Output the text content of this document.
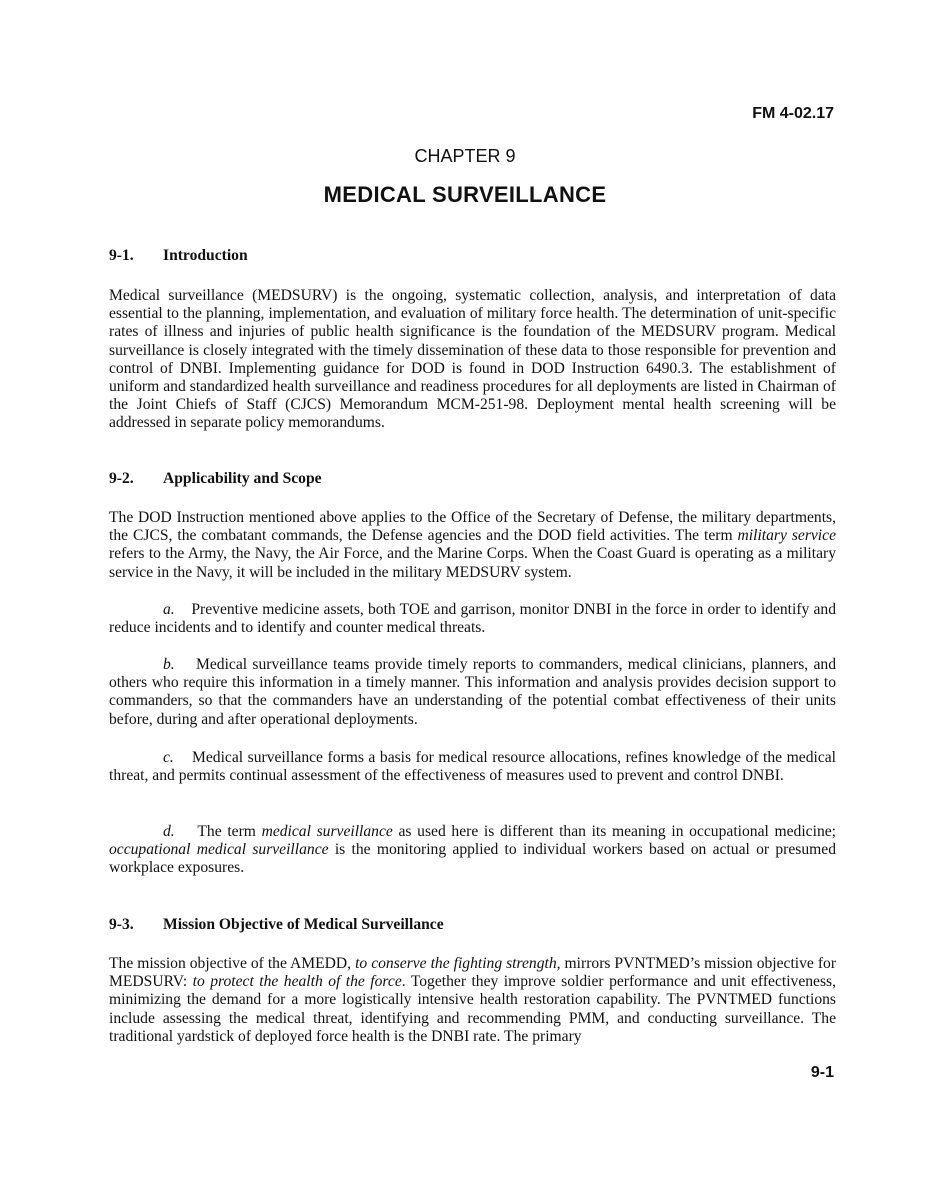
FM 4-02.17
CHAPTER 9
MEDICAL SURVEILLANCE
9-1. Introduction

Medical surveillance (MEDSURV) is the ongoing, systematic collection, analysis, and interpretation of data essential to the planning, implementation, and evaluation of military force health. The determination of unit-specific rates of illness and injuries of public health significance is the foundation of the MEDSURV program. Medical surveillance is closely integrated with the timely dissemination of these data to those responsible for prevention and control of DNBI. Implementing guidance for DOD is found in DOD Instruction 6490.3. The establishment of uniform and standardized health surveillance and readiness procedures for all deployments are listed in Chairman of the Joint Chiefs of Staff (CJCS) Memorandum MCM-251-98. Deployment mental health screening will be addressed in separate policy memorandums.

9-2. Applicability and Scope

The DOD Instruction mentioned above applies to the Office of the Secretary of Defense, the military departments, the CJCS, the combatant commands, the Defense agencies and the DOD field activities. The term military service refers to the Army, the Navy, the Air Force, and the Marine Corps. When the Coast Guard is operating as a military service in the Navy, it will be included in the military MEDSURV system.

a. Preventive medicine assets, both TOE and garrison, monitor DNBI in the force in order to identify and reduce incidents and to identify and counter medical threats.

b. Medical surveillance teams provide timely reports to commanders, medical clinicians, planners, and others who require this information in a timely manner. This information and analysis provides decision support to commanders, so that the commanders have an understanding of the potential combat effectiveness of their units before, during and after operational deployments.

c. Medical surveillance forms a basis for medical resource allocations, refines knowledge of the medical threat, and permits continual assessment of the effectiveness of measures used to prevent and control DNBI.

d. The term medical surveillance as used here is different than its meaning in occupational medicine; occupational medical surveillance is the monitoring applied to individual workers based on actual or presumed workplace exposures.

9-3. Mission Objective of Medical Surveillance

The mission objective of the AMEDD, to conserve the fighting strength, mirrors PVNTMED’s mission objective for MEDSURV: to protect the health of the force. Together they improve soldier performance and unit effectiveness, minimizing the demand for a more logistically intensive health restoration capability. The PVNTMED functions include assessing the medical threat, identifying and recommending PMM, and conducting surveillance. The traditional yardstick of deployed force health is the DNBI rate. The primary

9-1
